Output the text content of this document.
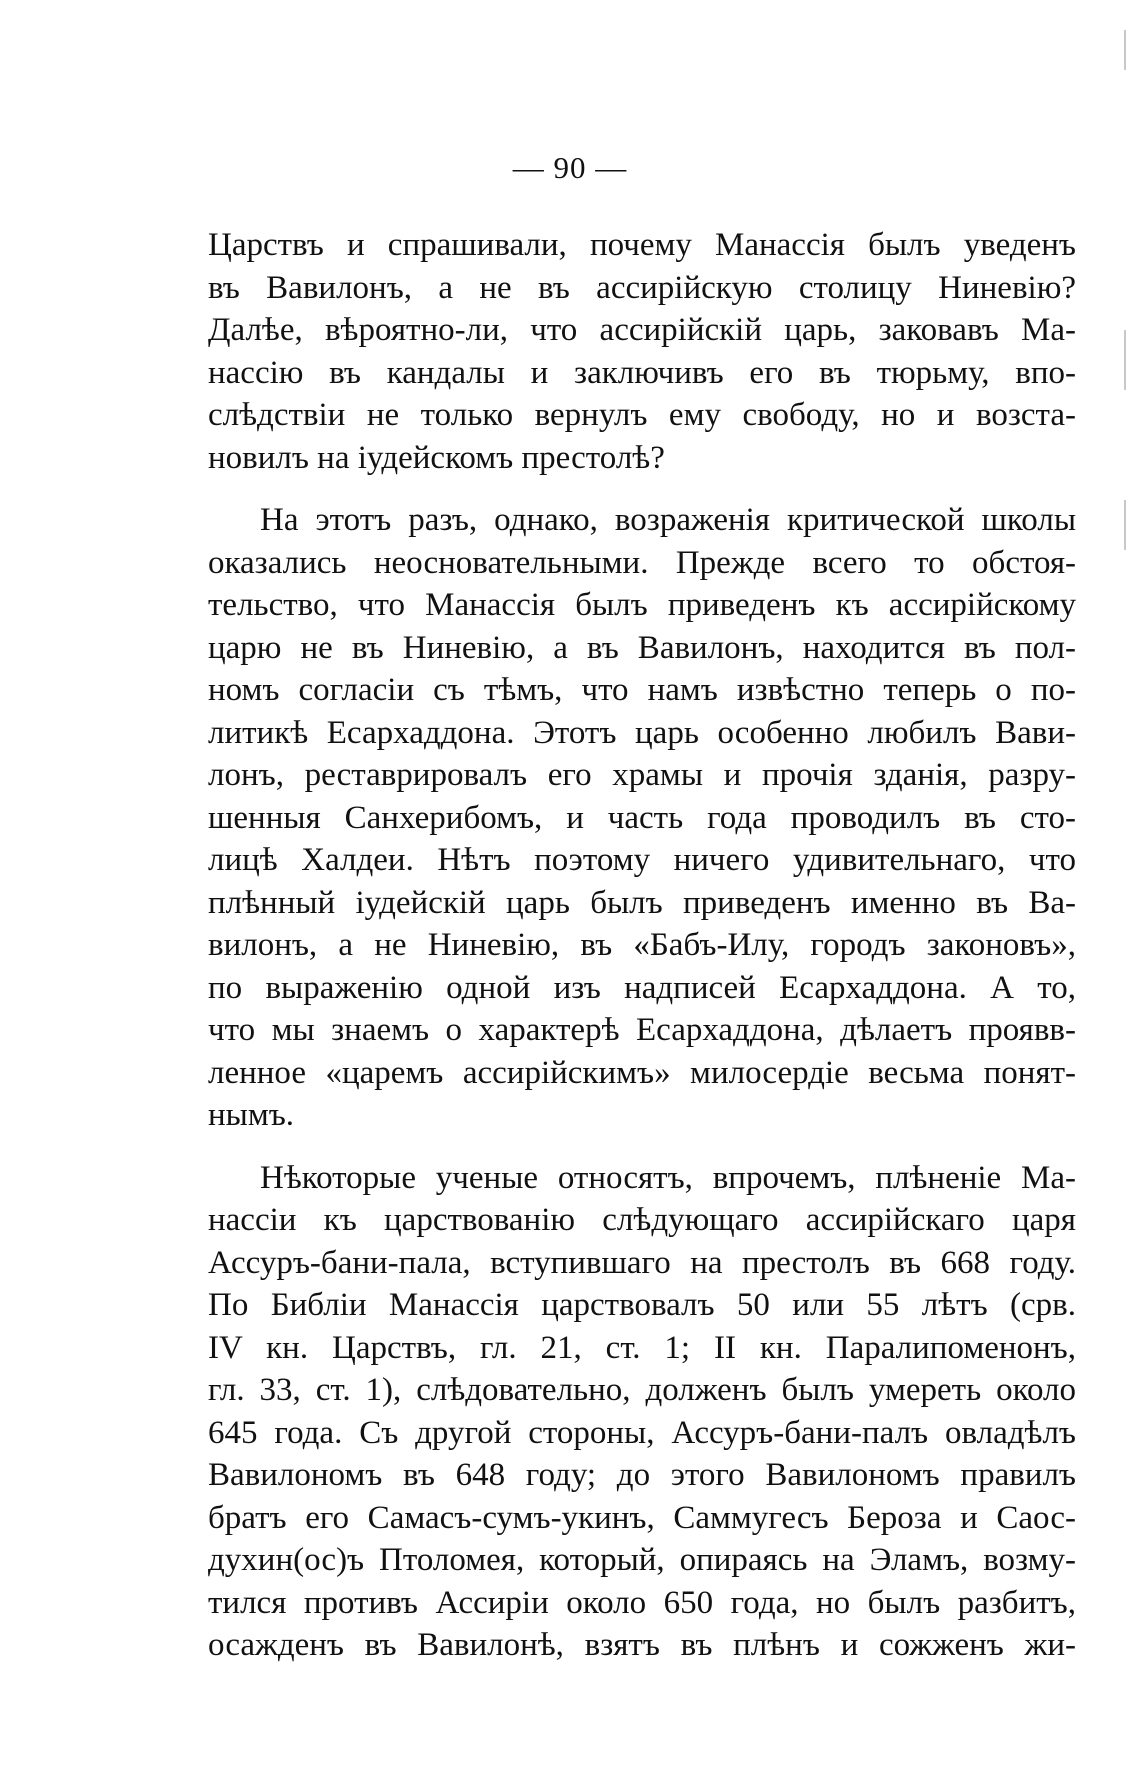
— 90 —
Царствъ и спрашивали, почему Манассія былъ уведенъ
въ Вавилонъ, а не въ ассирійскую столицу Ниневію?
Далѣе, вѣроятно-ли, что ассирійскій царь, заковавъ Ма-
нассію въ кандалы и заключивъ его въ тюрьму, впо-
слѣдствіи не только вернулъ ему свободу, но и возста-
новилъ на іудейскомъ престолѣ?
На этотъ разъ, однако, возраженія критической школы
оказались неосновательными. Прежде всего то обстоя-
тельство, что Манассія былъ приведенъ къ ассирійскому
царю не въ Ниневію, а въ Вавилонъ, находится въ пол-
номъ согласіи съ тѣмъ, что намъ извѣстно теперь о по-
литикѣ Есархаддона. Этотъ царь особенно любилъ Вави-
лонъ, реставрировалъ его храмы и прочія зданія, разру-
шенныя Санхерибомъ, и часть года проводилъ въ сто-
лицѣ Халдеи. Нѣтъ поэтому ничего удивительнаго, что
плѣнный іудейскій царь былъ приведенъ именно въ Ва-
вилонъ, а не Ниневію, въ «Бабъ-Илу, городъ законовъ»,
по выраженію одной изъ надписей Есархаддона. А то,
что мы знаемъ о характерѣ Есархаддона, дѣлаетъ проявв-
ленное «царемъ ассирійскимъ» милосердіе весьма понят-
нымъ.
Нѣкоторые ученые относятъ, впрочемъ, плѣненіе Ма-
нассіи къ царствованію слѣдующаго ассирійскаго царя
Ассуръ-бани-пала, вступившаго на престолъ въ 668 году.
По Библіи Манассія царствовалъ 50 или 55 лѣтъ (срв.
IV кн. Царствъ, гл. 21, ст. 1; II кн. Паралипоменонъ,
гл. 33, ст. 1), слѣдовательно, долженъ былъ умереть около
645 года. Съ другой стороны, Ассуръ-бани-палъ овладѣлъ
Вавилономъ въ 648 году; до этого Вавилономъ правилъ
братъ его Самасъ-сумъ-укинъ, Саммугесъ Бероза и Саос-
духин(ос)ъ Птоломея, который, опираясь на Эламъ, возму-
тился противъ Ассиріи около 650 года, но былъ разбитъ,
осажденъ въ Вавилонѣ, взятъ въ плѣнъ и сожженъ жи-
